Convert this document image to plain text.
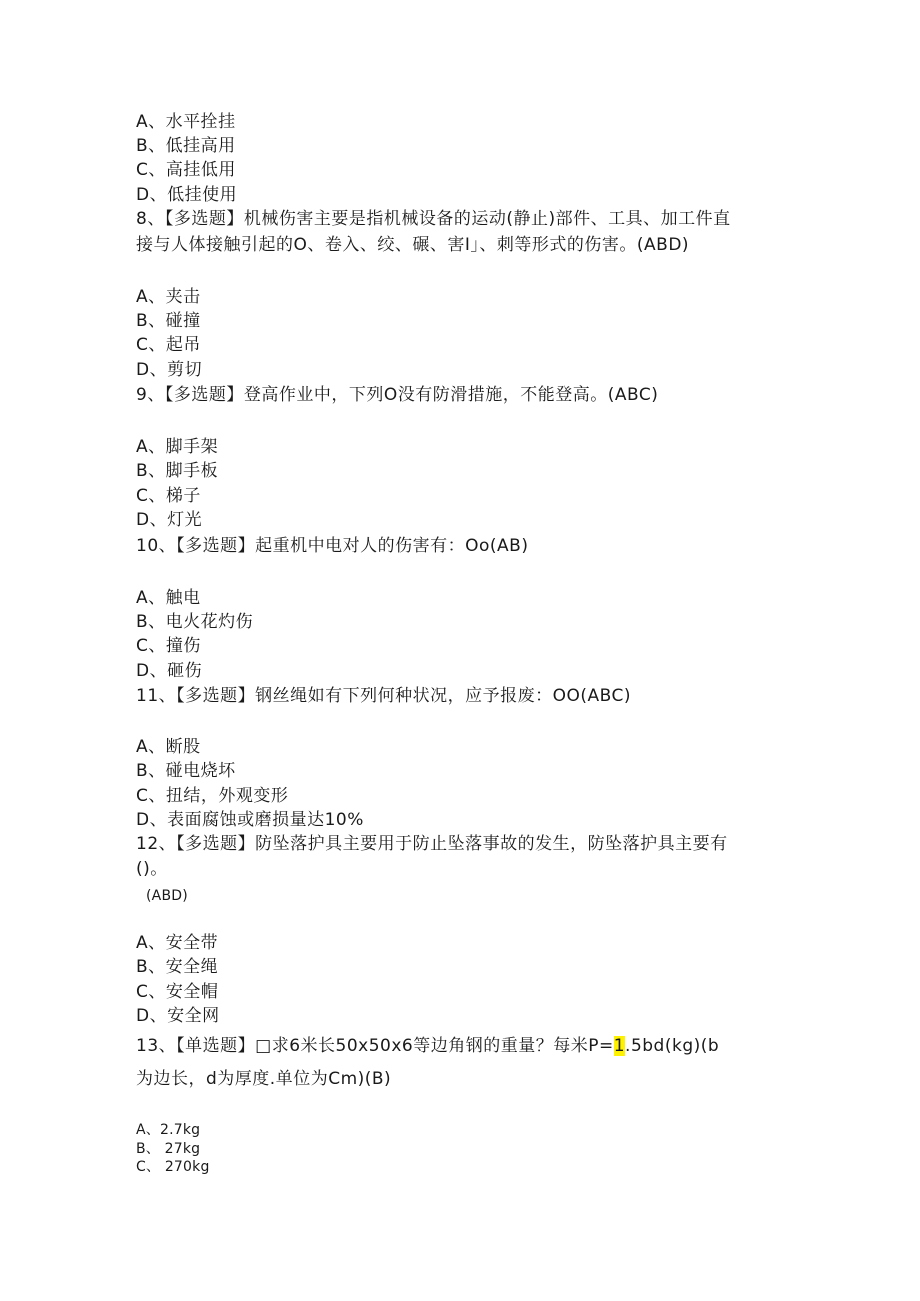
A、水平拴挂
B、低挂高用
C、高挂低用
D、低挂使用
8、【多选题】机械伤害主要是指机械设备的运动(静止)部件、工具、加工件直
接与人体接触引起的O、卷入、绞、碾、害I」、刺等形式的伤害。(ABD)
A、夹击
B、碰撞
C、起吊
D、剪切
9、【多选题】登高作业中，下列O没有防滑措施，不能登高。(ABC)
A、脚手架
B、脚手板
C、梯子
D、灯光
10、【多选题】起重机中电对人的伤害有：Oo(AB)
A、触电
B、电火花灼伤
C、撞伤
D、砸伤
11、【多选题】钢丝绳如有下列何种状况，应予报废：OO(ABC)
A、断股
B、碰电烧坏
C、扭结，外观变形
D、表面腐蚀或磨损量达10%
12、【多选题】防坠落护具主要用于防止坠落事故的发生，防坠落护具主要有
()。
(ABD)
A、安全带
B、安全绳
C、安全帽
D、安全网
13、【单选题】□求6米长50x50x6等边角钢的重量？每米P=1.5bd(kg)(b
为边长，d为厚度.单位为Cm)(B)
A、2.7kg
B、 27kg
C、 270kg
